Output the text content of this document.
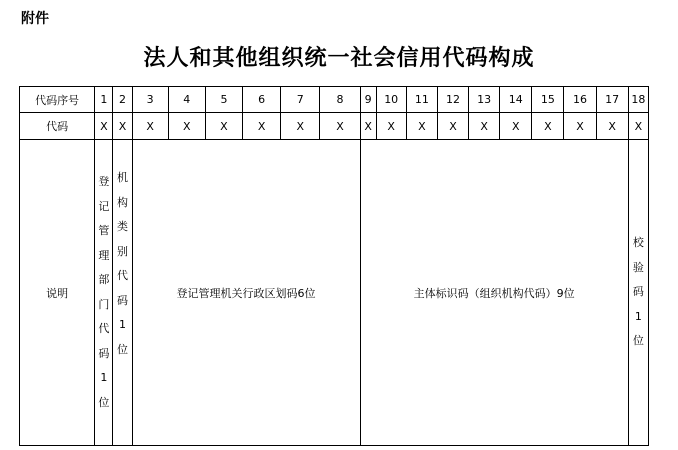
附件
法人和其他组织统一社会信用代码构成
代码序号	1	2	3	4	5	6	7	8	9	10	11	12	13	14	15	16	17	18
代码	X	X	X	X	X	X	X	X	X	X	X	X	X	X	X	X	X	X
说明	登记管理部门代码1位	机构类别代码1位	登记管理机关行政区划码6位						主体标识码（组织机构代码）9位									校验码1位
